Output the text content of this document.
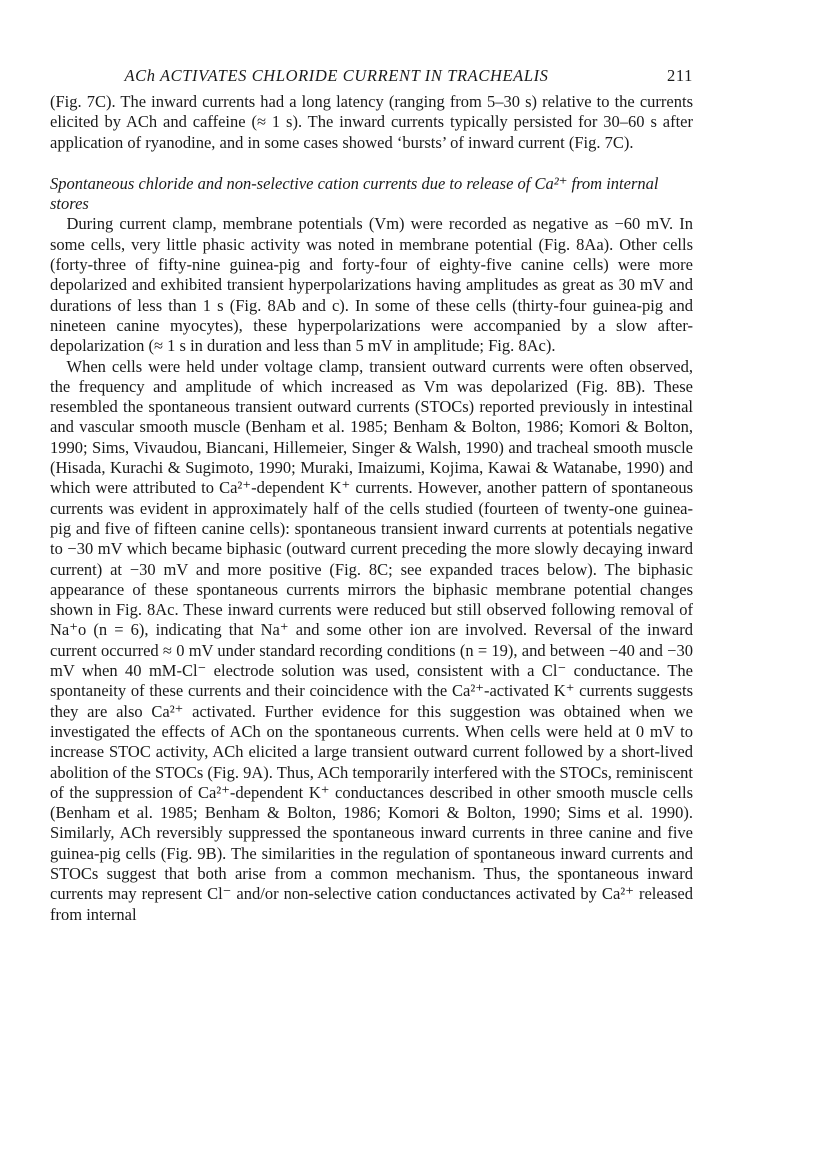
ACh ACTIVATES CHLORIDE CURRENT IN TRACHEALIS	211

(Fig. 7C). The inward currents had a long latency (ranging from 5–30 s) relative to the currents elicited by ACh and caffeine (≈ 1 s). The inward currents typically persisted for 30–60 s after application of ryanodine, and in some cases showed ‘bursts’ of inward current (Fig. 7C).

Spontaneous chloride and non-selective cation currents due to release of Ca²⁺ from internal stores

During current clamp, membrane potentials (Vm) were recorded as negative as −60 mV. In some cells, very little phasic activity was noted in membrane potential (Fig. 8Aa). Other cells (forty-three of fifty-nine guinea-pig and forty-four of eighty-five canine cells) were more depolarized and exhibited transient hyperpolarizations having amplitudes as great as 30 mV and durations of less than 1 s (Fig. 8Ab and c). In some of these cells (thirty-four guinea-pig and nineteen canine myocytes), these hyperpolarizations were accompanied by a slow after-depolarization (≈ 1 s in duration and less than 5 mV in amplitude; Fig. 8Ac).

When cells were held under voltage clamp, transient outward currents were often observed, the frequency and amplitude of which increased as Vm was depolarized (Fig. 8B). These resembled the spontaneous transient outward currents (STOCs) reported previously in intestinal and vascular smooth muscle (Benham et al. 1985; Benham & Bolton, 1986; Komori & Bolton, 1990; Sims, Vivaudou, Biancani, Hillemeier, Singer & Walsh, 1990) and tracheal smooth muscle (Hisada, Kurachi & Sugimoto, 1990; Muraki, Imaizumi, Kojima, Kawai & Watanabe, 1990) and which were attributed to Ca²⁺-dependent K⁺ currents. However, another pattern of spontaneous currents was evident in approximately half of the cells studied (fourteen of twenty-one guinea-pig and five of fifteen canine cells): spontaneous transient inward currents at potentials negative to −30 mV which became biphasic (outward current preceding the more slowly decaying inward current) at −30 mV and more positive (Fig. 8C; see expanded traces below). The biphasic appearance of these spontaneous currents mirrors the biphasic membrane potential changes shown in Fig. 8Ac. These inward currents were reduced but still observed following removal of Na⁺o (n = 6), indicating that Na⁺ and some other ion are involved. Reversal of the inward current occurred ≈ 0 mV under standard recording conditions (n = 19), and between −40 and −30 mV when 40 mM-Cl⁻ electrode solution was used, consistent with a Cl⁻ conductance. The spontaneity of these currents and their coincidence with the Ca²⁺-activated K⁺ currents suggests they are also Ca²⁺ activated. Further evidence for this suggestion was obtained when we investigated the effects of ACh on the spontaneous currents. When cells were held at 0 mV to increase STOC activity, ACh elicited a large transient outward current followed by a short-lived abolition of the STOCs (Fig. 9A). Thus, ACh temporarily interfered with the STOCs, reminiscent of the suppression of Ca²⁺-dependent K⁺ conductances described in other smooth muscle cells (Benham et al. 1985; Benham & Bolton, 1986; Komori & Bolton, 1990; Sims et al. 1990). Similarly, ACh reversibly suppressed the spontaneous inward currents in three canine and five guinea-pig cells (Fig. 9B). The similarities in the regulation of spontaneous inward currents and STOCs suggest that both arise from a common mechanism. Thus, the spontaneous inward currents may represent Cl⁻ and/or non-selective cation conductances activated by Ca²⁺ released from internal
